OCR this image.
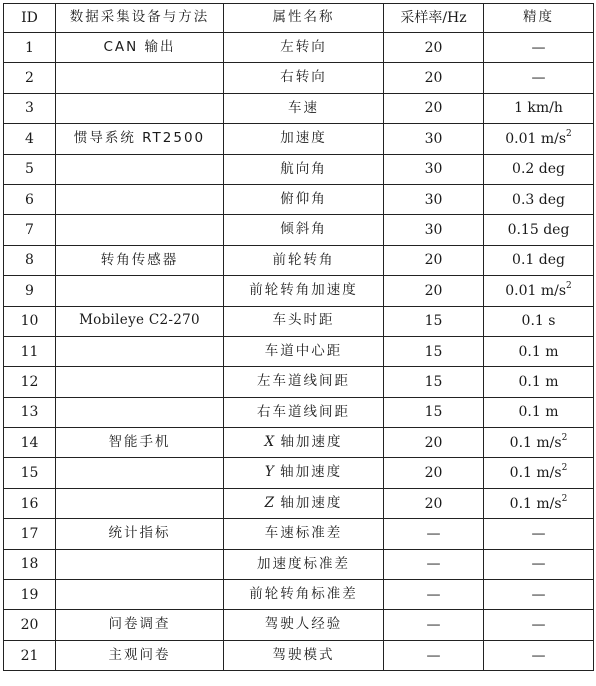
ID	数据采集设备与方法	属性名称	采样率/Hz	精度
1	CAN 输出	左转向	20	—
2		右转向	20	—
3		车速	20	1 km/h
4	惯导系统 RT2500	加速度	30	0.01 $m/s^2$
5		航向角	30	0.2 deg
6		俯仰角	30	0.3 deg
7		倾斜角	30	0.15 deg
8	转角传感器	前轮转角	20	0.1 deg
9		前轮转角加速度	20	0.01 $m/s^2$
10	Mobileye C2-270	车头时距	15	0.1 s
11		车道中心距	15	0.1 m
12		左车道线间距	15	0.1 m
13		右车道线间距	15	0.1 m
14	智能手机	X 轴加速度	20	0.1 $m/s^2$
15		Y 轴加速度	20	0.1 $m/s^2$
16		Z 轴加速度	20	0.1 $m/s^2$
17	统计指标	车速标准差	—	—
18		加速度标准差	—	—
19		前轮转角标准差	—	—
20	问卷调查	驾驶人经验	—	—
21	主观问卷	驾驶模式	—	—
